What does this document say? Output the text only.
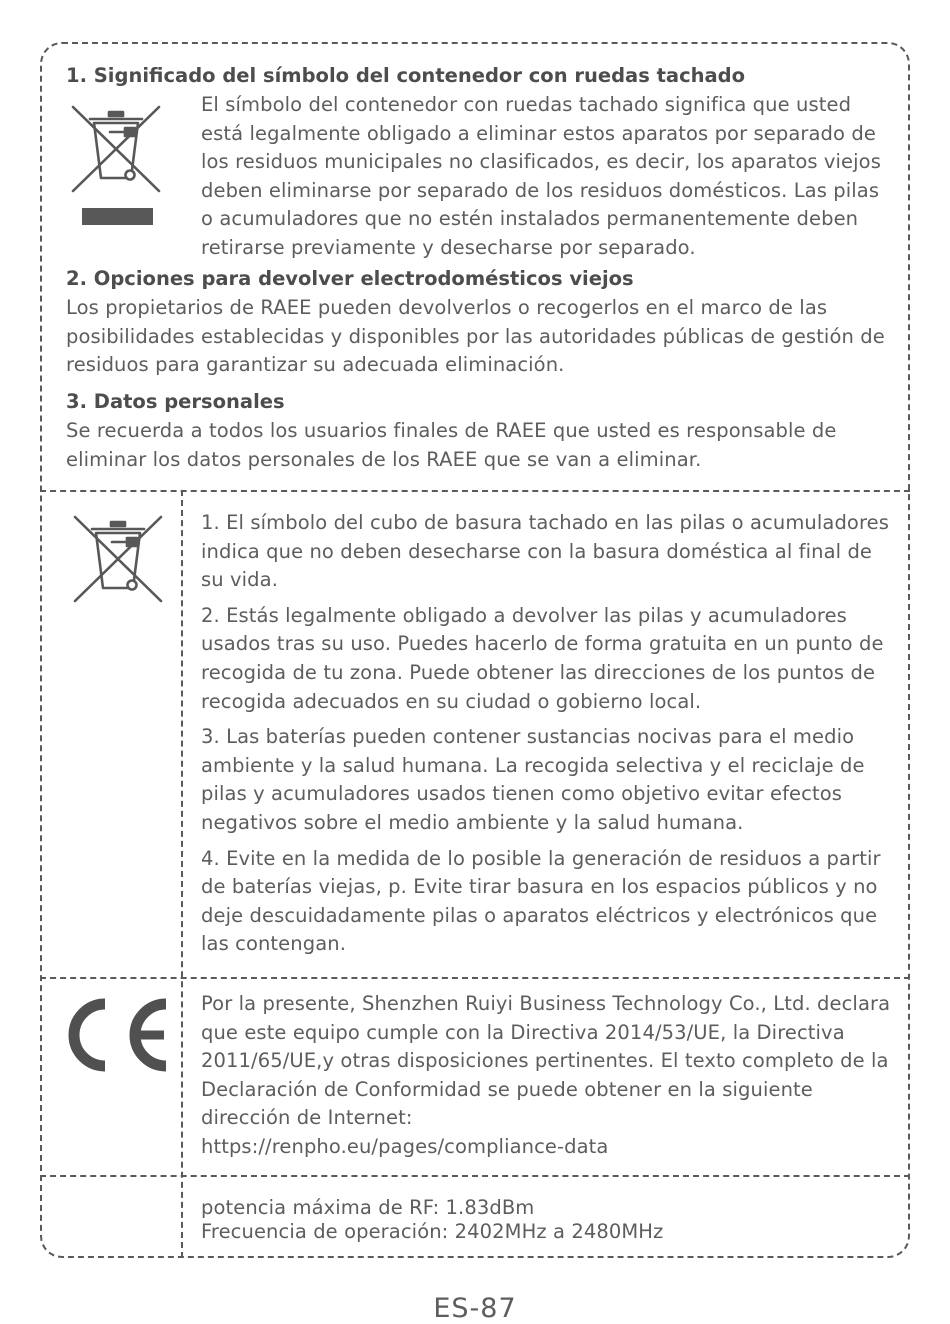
1. Significado del símbolo del contenedor con ruedas tachado
El símbolo del contenedor con ruedas tachado significa que usted está legalmente obligado a eliminar estos aparatos por separado de los residuos municipales no clasificados, es decir, los aparatos viejos deben eliminarse por separado de los residuos domésticos. Las pilas o acumuladores que no estén instalados permanentemente deben retirarse previamente y desecharse por separado.
2. Opciones para devolver electrodomésticos viejos
Los propietarios de RAEE pueden devolverlos o recogerlos en el marco de las posibilidades establecidas y disponibles por las autoridades públicas de gestión de residuos para garantizar su adecuada eliminación.
3. Datos personales
Se recuerda a todos los usuarios finales de RAEE que usted es responsable de eliminar los datos personales de los RAEE que se van a eliminar.

1. El símbolo del cubo de basura tachado en las pilas o acumuladores indica que no deben desecharse con la basura doméstica al final de su vida.

2. Estás legalmente obligado a devolver las pilas y acumuladores usados tras su uso. Puedes hacerlo de forma gratuita en un punto de recogida de tu zona. Puede obtener las direcciones de los puntos de recogida adecuados en su ciudad o gobierno local.

3. Las baterías pueden contener sustancias nocivas para el medio ambiente y la salud humana. La recogida selectiva y el reciclaje de pilas y acumuladores usados tienen como objetivo evitar efectos negativos sobre el medio ambiente y la salud humana.

4. Evite en la medida de lo posible la generación de residuos a partir de baterías viejas, p. Evite tirar basura en los espacios públicos y no deje descuidadamente pilas o aparatos eléctricos y electrónicos que las contengan.

CE	Por la presente, Shenzhen Ruiyi Business Technology Co., Ltd. declara que este equipo cumple con la Directiva 2014/53/UE, la Directiva 2011/65/UE,y otras disposiciones pertinentes. El texto completo de la Declaración de Conformidad se puede obtener en la siguiente dirección de Internet:

https://renpho.eu/pages/compliance-data

potencia máxima de RF: 1.83dBm

Frecuencia de operación: 2402MHz a 2480MHz

ES-87
